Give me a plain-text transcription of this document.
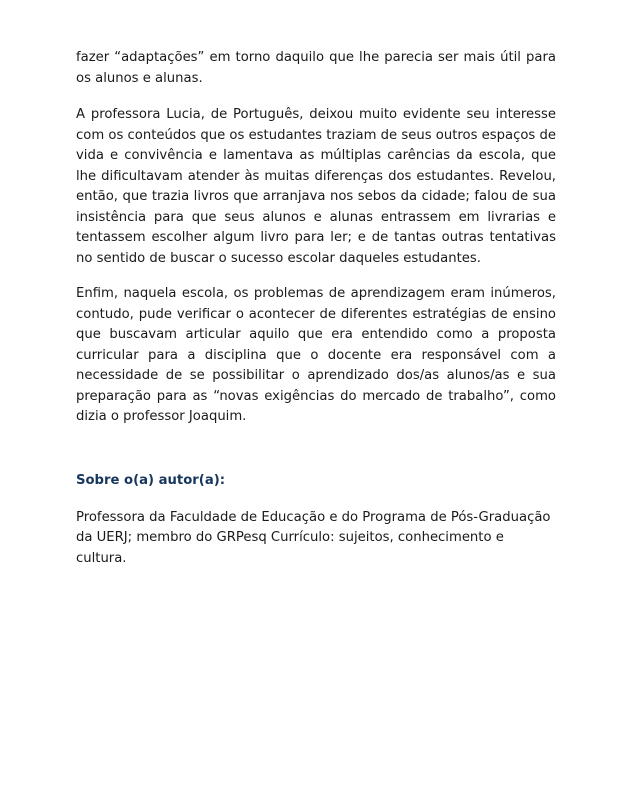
fazer “adaptações” em torno daquilo que lhe parecia ser mais útil para os alunos e alunas.

A professora Lucia, de Português, deixou muito evidente seu interesse com os conteúdos que os estudantes traziam de seus outros espaços de vida e convivência e lamentava as múltiplas carências da escola, que lhe dificultavam atender às muitas diferenças dos estudantes. Revelou, então, que trazia livros que arranjava nos sebos da cidade; falou de sua insistência para que seus alunos e alunas entrassem em livrarias e tentassem escolher algum livro para ler; e de tantas outras tentativas no sentido de buscar o sucesso escolar daqueles estudantes.

Enfim, naquela escola, os problemas de aprendizagem eram inúmeros, contudo, pude verificar o acontecer de diferentes estratégias de ensino que buscavam articular aquilo que era entendido como a proposta curricular para a disciplina que o docente era responsável com a necessidade de se possibilitar o aprendizado dos/as alunos/as e sua preparação para as “novas exigências do mercado de trabalho”, como dizia o professor Joaquim.

Sobre o(a) autor(a):

Professora da Faculdade de Educação e do Programa de Pós-Graduação da UERJ; membro do GRPesq Currículo: sujeitos, conhecimento e cultura.
